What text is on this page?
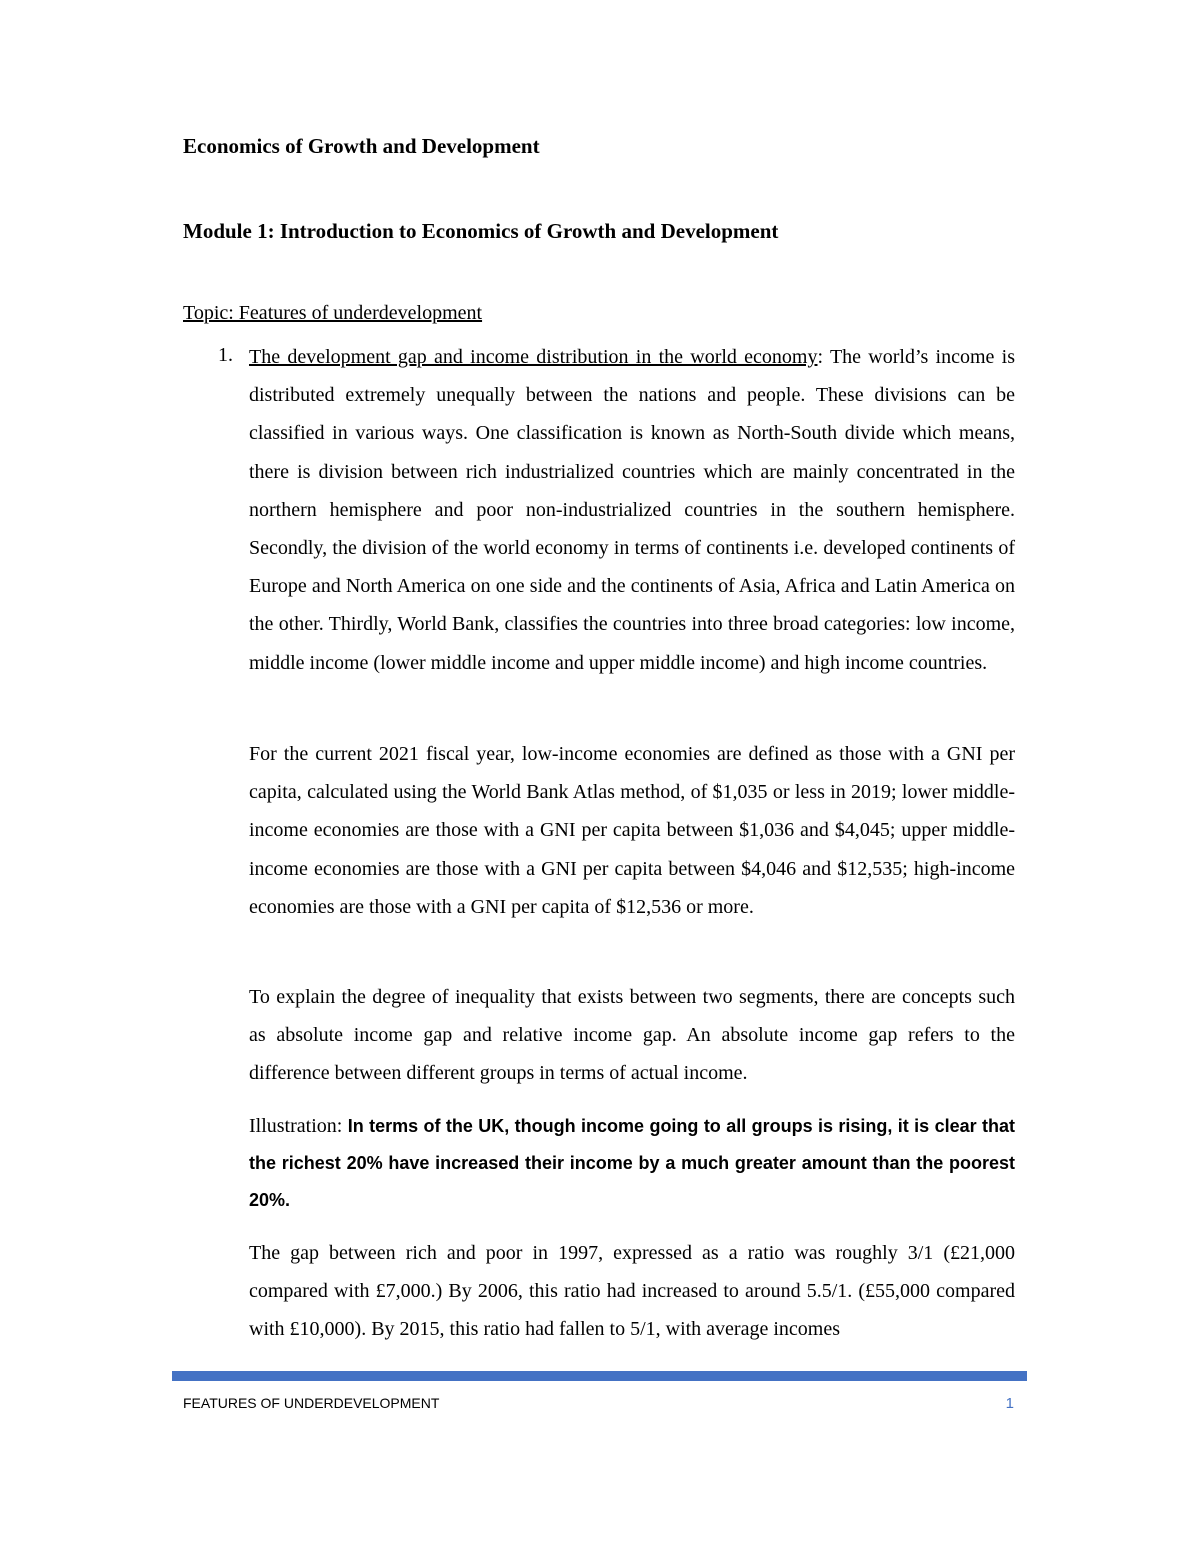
Economics of Growth and Development
Module 1: Introduction to Economics of Growth and Development

Topic: Features of underdevelopment

1. The development gap and income distribution in the world economy: The world’s income is distributed extremely unequally between the nations and people. These divisions can be classified in various ways. One classification is known as North-South divide which means, there is division between rich industrialized countries which are mainly concentrated in the northern hemisphere and poor non-industrialized countries in the southern hemisphere. Secondly, the division of the world economy in terms of continents i.e. developed continents of Europe and North America on one side and the continents of Asia, Africa and Latin America on the other. Thirdly, World Bank, classifies the countries into three broad categories: low income, middle income (lower middle income and upper middle income) and high income countries.

For the current 2021 fiscal year, low-income economies are defined as those with a GNI per capita, calculated using the World Bank Atlas method, of $1,035 or less in 2019; lower middle-income economies are those with a GNI per capita between $1,036 and $4,045; upper middle-income economies are those with a GNI per capita between $4,046 and $12,535; high-income economies are those with a GNI per capita of $12,536 or more.

To explain the degree of inequality that exists between two segments, there are concepts such as absolute income gap and relative income gap. An absolute income gap refers to the difference between different groups in terms of actual income.

Illustration: In terms of the UK, though income going to all groups is rising, it is clear that the richest 20% have increased their income by a much greater amount than the poorest 20%.

The gap between rich and poor in 1997, expressed as a ratio was roughly 3/1 (£21,000 compared with £7,000.) By 2006, this ratio had increased to around 5.5/1. (£55,000 compared with £10,000). By 2015, this ratio had fallen to 5/1, with average incomes

FEATURES OF UNDERDEVELOPMENT	1
